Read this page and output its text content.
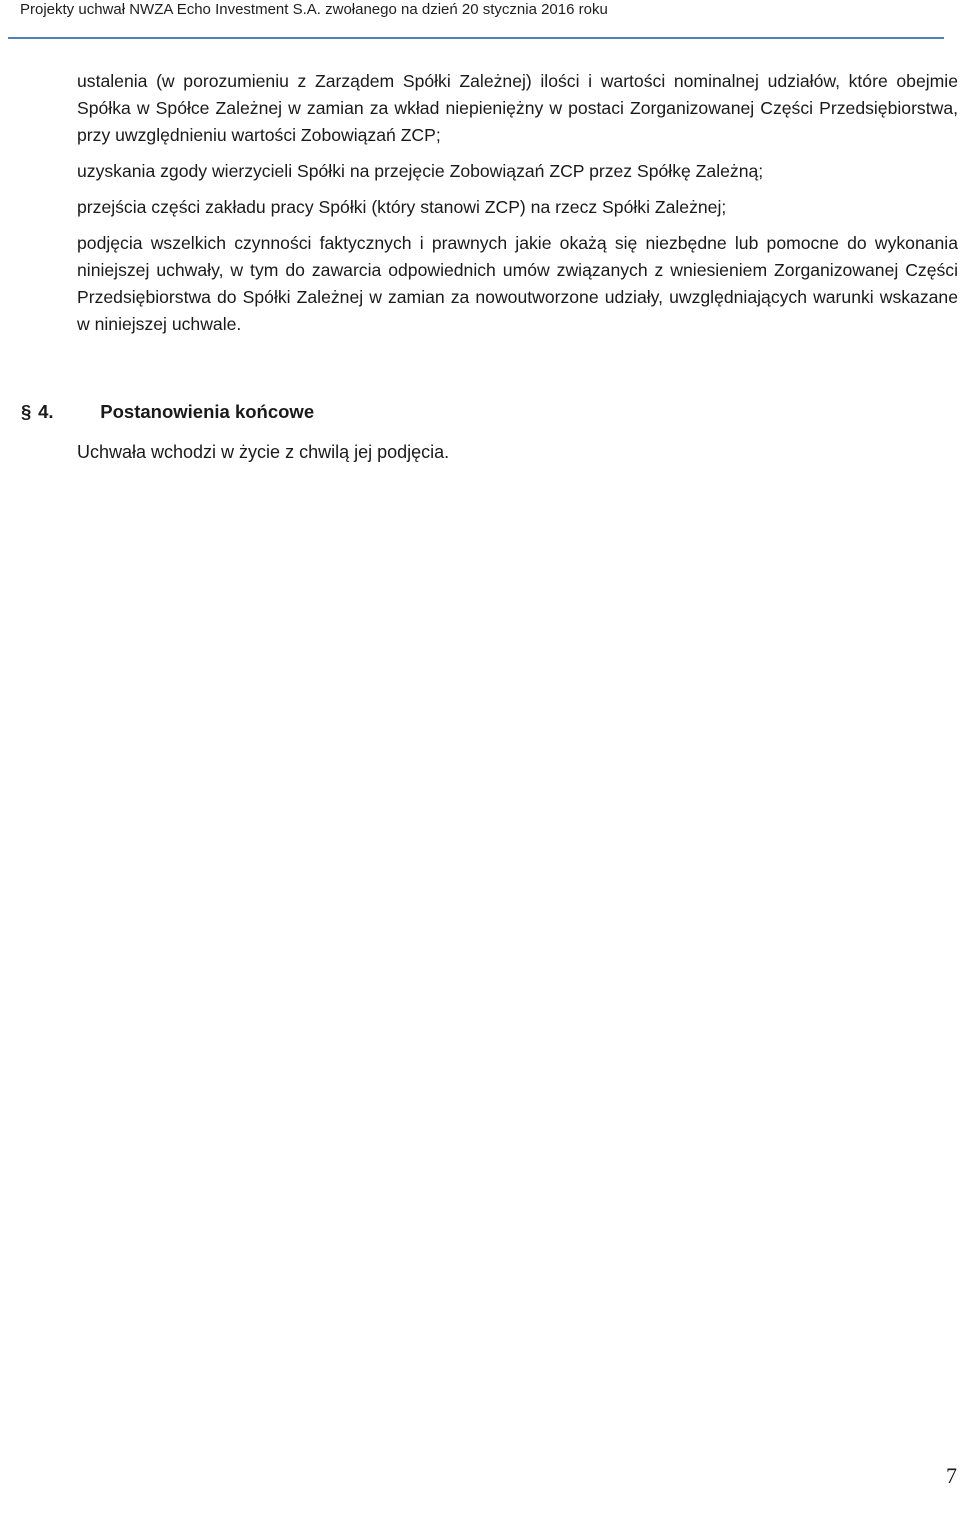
Projekty uchwał NWZA Echo Investment S.A. zwołanego na dzień 20 stycznia 2016 roku

ustalenia (w porozumieniu z Zarządem Spółki Zależnej) ilości i wartości nominalnej udziałów, które obejmie Spółka w Spółce Zależnej w zamian za wkład niepieniężny w postaci Zorganizowanej Części Przedsiębiorstwa, przy uwzględnieniu wartości Zobowiązań ZCP;

uzyskania zgody wierzycieli Spółki na przejęcie Zobowiązań ZCP przez Spółkę Zależną;

przejścia części zakładu pracy Spółki (który stanowi ZCP) na rzecz Spółki Zależnej;

podjęcia wszelkich czynności faktycznych i prawnych jakie okażą się niezbędne lub pomocne do wykonania niniejszej uchwały, w tym do zawarcia odpowiednich umów związanych z wniesieniem Zorganizowanej Części Przedsiębiorstwa do Spółki Zależnej w zamian za nowoutworzone udziały, uwzględniających warunki wskazane w niniejszej uchwale.

§ 4.	Postanowienia końcowe
Uchwała wchodzi w życie z chwilą jej podjęcia.
7
